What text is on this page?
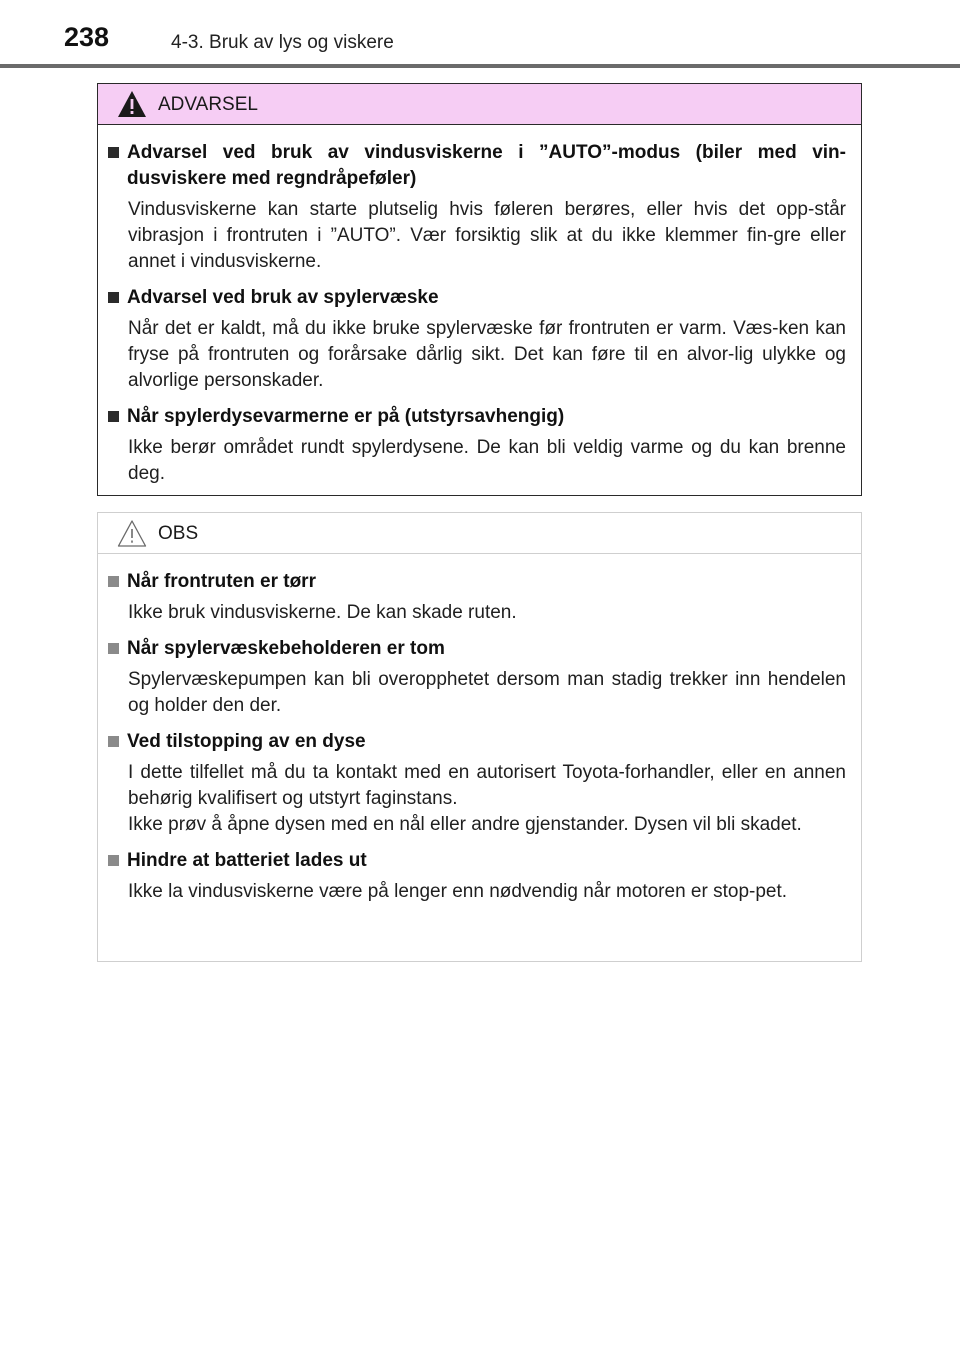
238	4-3. Bruk av lys og viskere
ADVARSEL
Advarsel ved bruk av vindusviskerne i ”AUTO”-modus (biler med vin-dusviskere med regndråpeføler)
Vindusviskerne kan starte plutselig hvis føleren berøres, eller hvis det opp-står vibrasjon i frontruten i ”AUTO”. Vær forsiktig slik at du ikke klemmer fin-gre eller annet i vindusviskerne.
Advarsel ved bruk av spylervæske
Når det er kaldt, må du ikke bruke spylervæske før frontruten er varm. Væs-ken kan fryse på frontruten og forårsake dårlig sikt. Det kan føre til en alvor-lig ulykke og alvorlige personskader.
Når spylerdysevarmerne er på (utstyrsavhengig)
Ikke berør området rundt spylerdysene. De kan bli veldig varme og du kan brenne deg.
OBS
Når frontruten er tørr
Ikke bruk vindusviskerne. De kan skade ruten.
Når spylervæskebeholderen er tom
Spylervæskepumpen kan bli overopphetet dersom man stadig trekker inn hendelen og holder den der.
Ved tilstopping av en dyse
I dette tilfellet må du ta kontakt med en autorisert Toyota-forhandler, eller en annen behørig kvalifisert og utstyrt faginstans.
Ikke prøv å åpne dysen med en nål eller andre gjenstander. Dysen vil bli skadet.
Hindre at batteriet lades ut
Ikke la vindusviskerne være på lenger enn nødvendig når motoren er stop-pet.
